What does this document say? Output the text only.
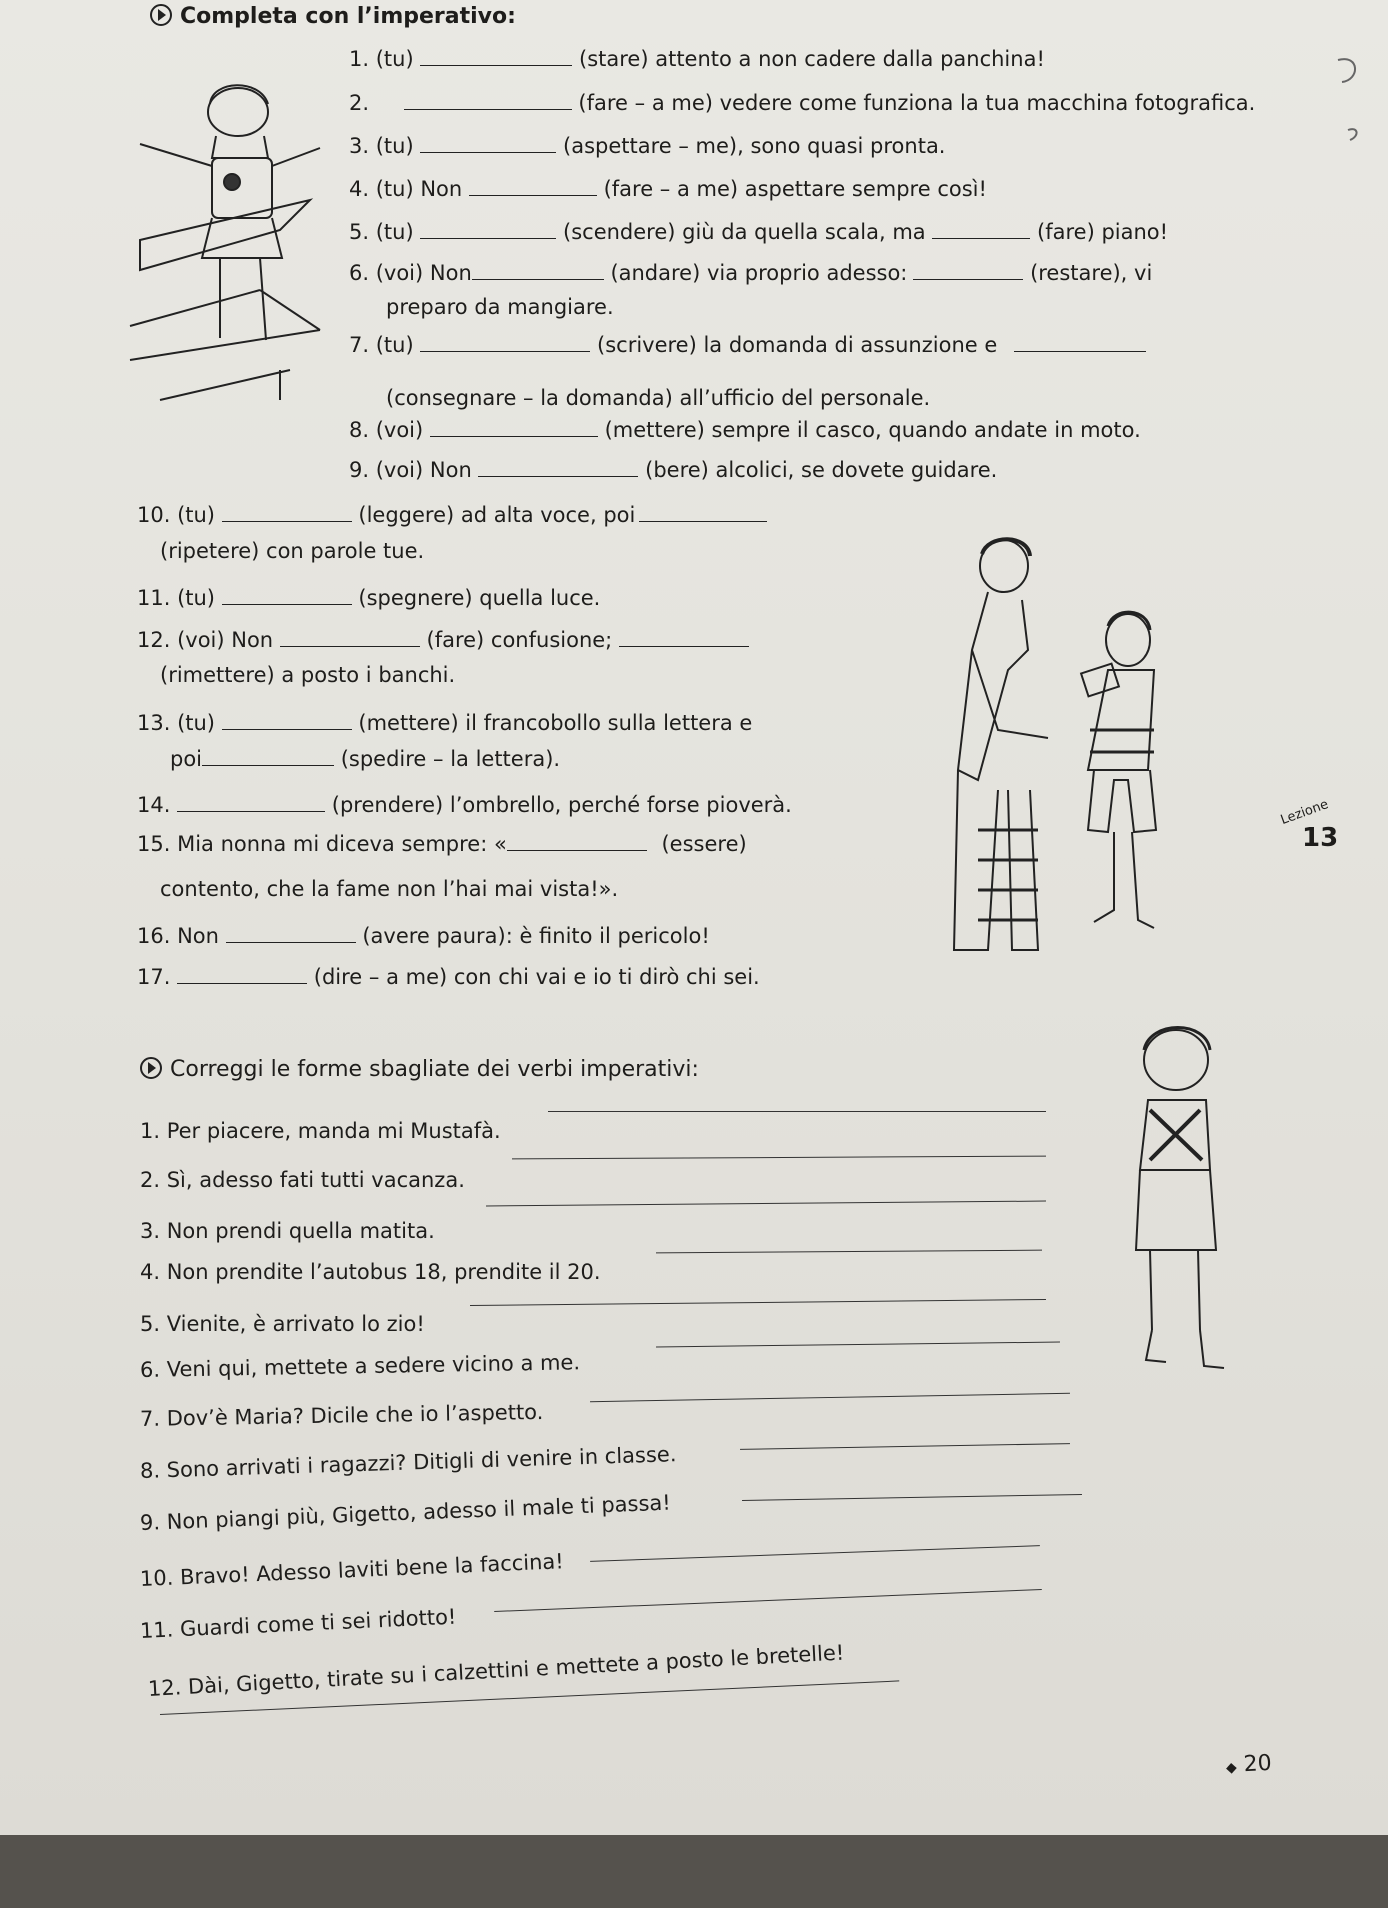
Completa con l’imperativo:
1. (tu)	(stare) attento a non cadere dalla panchina!
2.	(fare – a me) vedere come funziona la tua macchina fotografica.
3. (tu)	(aspettare – me), sono quasi pronta.
4. (tu) Non	(fare – a me) aspettare sempre così!
5. (tu)	(scendere) giù da quella scala, ma	(fare) piano!
6. (voi) Non	(andare) via proprio adesso:	(restare), vi
preparo da mangiare.
7. (tu)	(scrivere) la domanda di assunzione e
(consegnare – la domanda) all’ufficio del personale.
8. (voi)	(mettere) sempre il casco, quando andate in moto.
9. (voi) Non	(bere) alcolici, se dovete guidare.
10. (tu)	(leggere) ad alta voce, poi
(ripetere) con parole tue.
11. (tu)	(spegnere) quella luce.
12. (voi) Non	(fare) confusione;
(rimettere) a posto i banchi.
13. (tu)	(mettere) il francobollo sulla lettera e
poi	(spedire – la lettera).
14.	(prendere) l’ombrello, perché forse pioverà.
15. Mia nonna mi diceva sempre: «	(essere)
contento, che la fame non l’hai mai vista!».
16. Non	(avere paura): è finito il pericolo!
17.	(dire – a me) con chi vai e io ti dirò chi sei.
Lezione
13
Correggi le forme sbagliate dei verbi imperativi:
1. Per piacere, manda mi Mustafà.
2. Sì, adesso fati tutti vacanza.
3. Non prendi quella matita.
4. Non prendite l’autobus 18, prendite il 20.
5. Vienite, è arrivato lo zio!
6. Veni qui, mettete a sedere vicino a me.
7. Dov’è Maria? Dicile che io l’aspetto.
8. Sono arrivati i ragazzi? Ditigli di venire in classe.
9. Non piangi più, Gigetto, adesso il male ti passa!
10. Bravo! Adesso laviti bene la faccina!
11. Guardi come ti sei ridotto!
12. Dài, Gigetto, tirate su i calzettini e mettete a posto le bretelle!
◆ 20
